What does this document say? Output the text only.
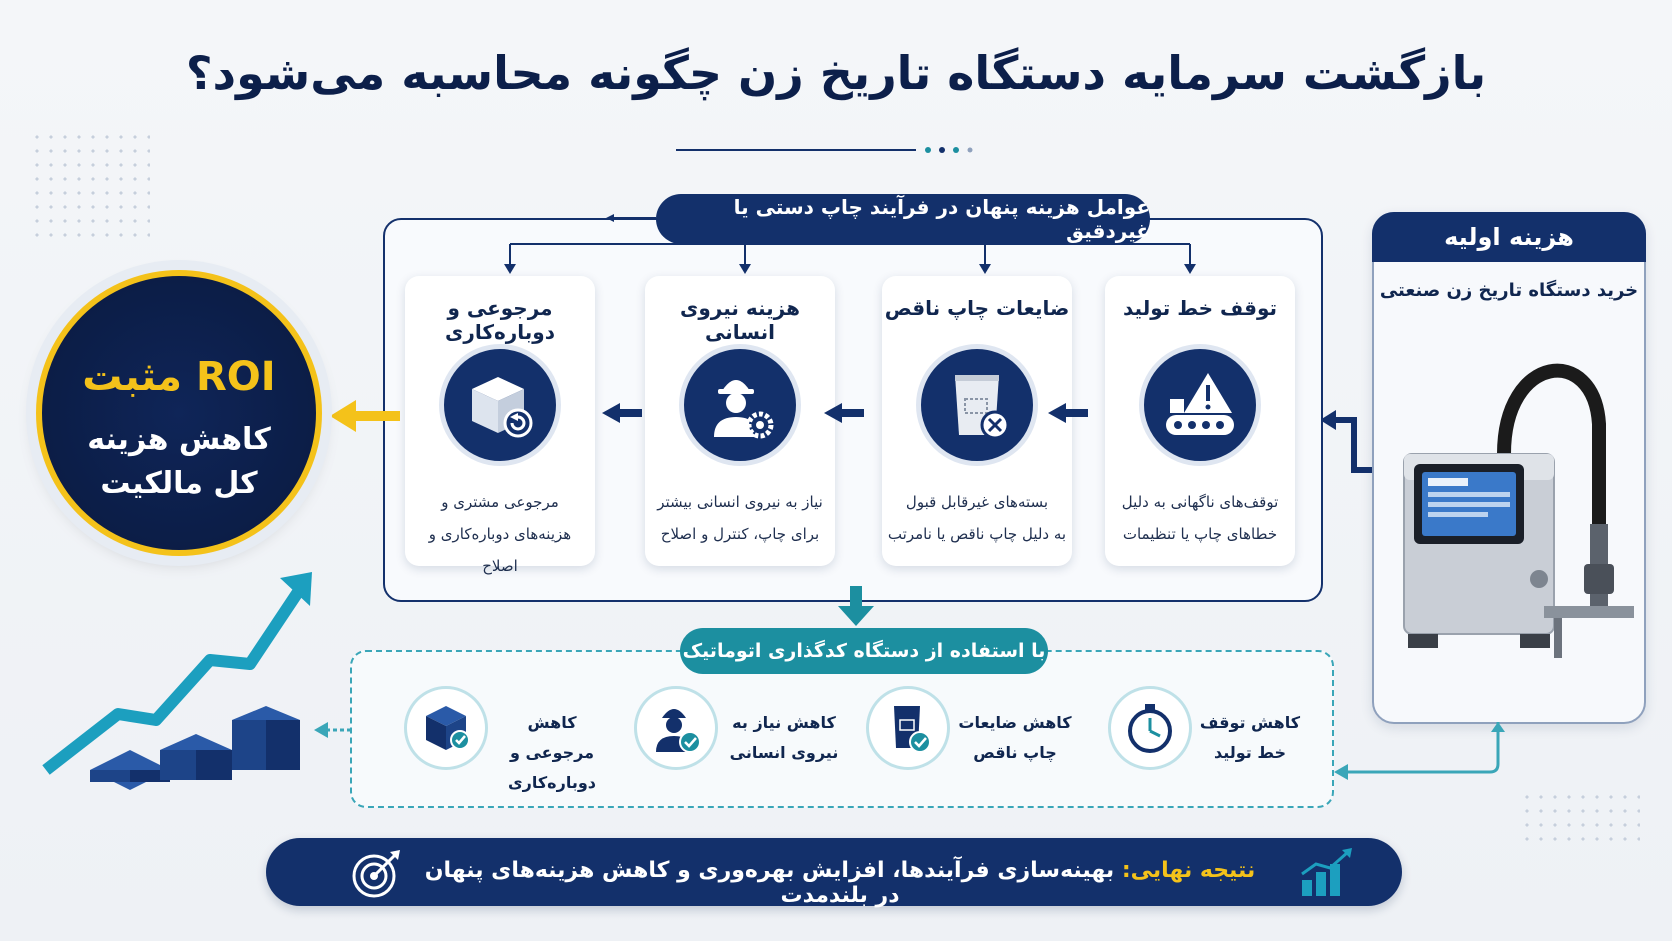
بازگشت سرمایه دستگاه تاریخ زن چگونه محاسبه می‌شود؟
هزینه اولیه
خرید دستگاه تاریخ زن صنعتی
عوامل هزینه پنهان در فرآیند چاپ دستی یا غیردقیق
توقف خط تولید
توقف‌های ناگهانی به دلیل
خطاهای چاپ یا تنظیمات
ضایعات چاپ ناقص
بسته‌های غیرقابل قبول
به دلیل چاپ ناقص یا نامرتب
هزینه نیروی انسانی
نیاز به نیروی انسانی بیشتر
برای چاپ، کنترل و اصلاح
مرجوعی و دوباره‌کاری
مرجوعی مشتری و
هزینه‌های دوباره‌کاری و اصلاح
ROI مثبت
کاهش هزینه
کل مالکیت
با استفاده از دستگاه کدگذاری اتوماتیک
کاهش توقف
خط تولید
کاهش ضایعات
چاپ ناقص
کاهش نیاز به
نیروی انسانی
کاهش مرجوعی و
دوباره‌کاری
نتیجه نهایی: بهینه‌سازی فرآیندها، افزایش بهره‌وری و کاهش هزینه‌های پنهان در بلندمدت
